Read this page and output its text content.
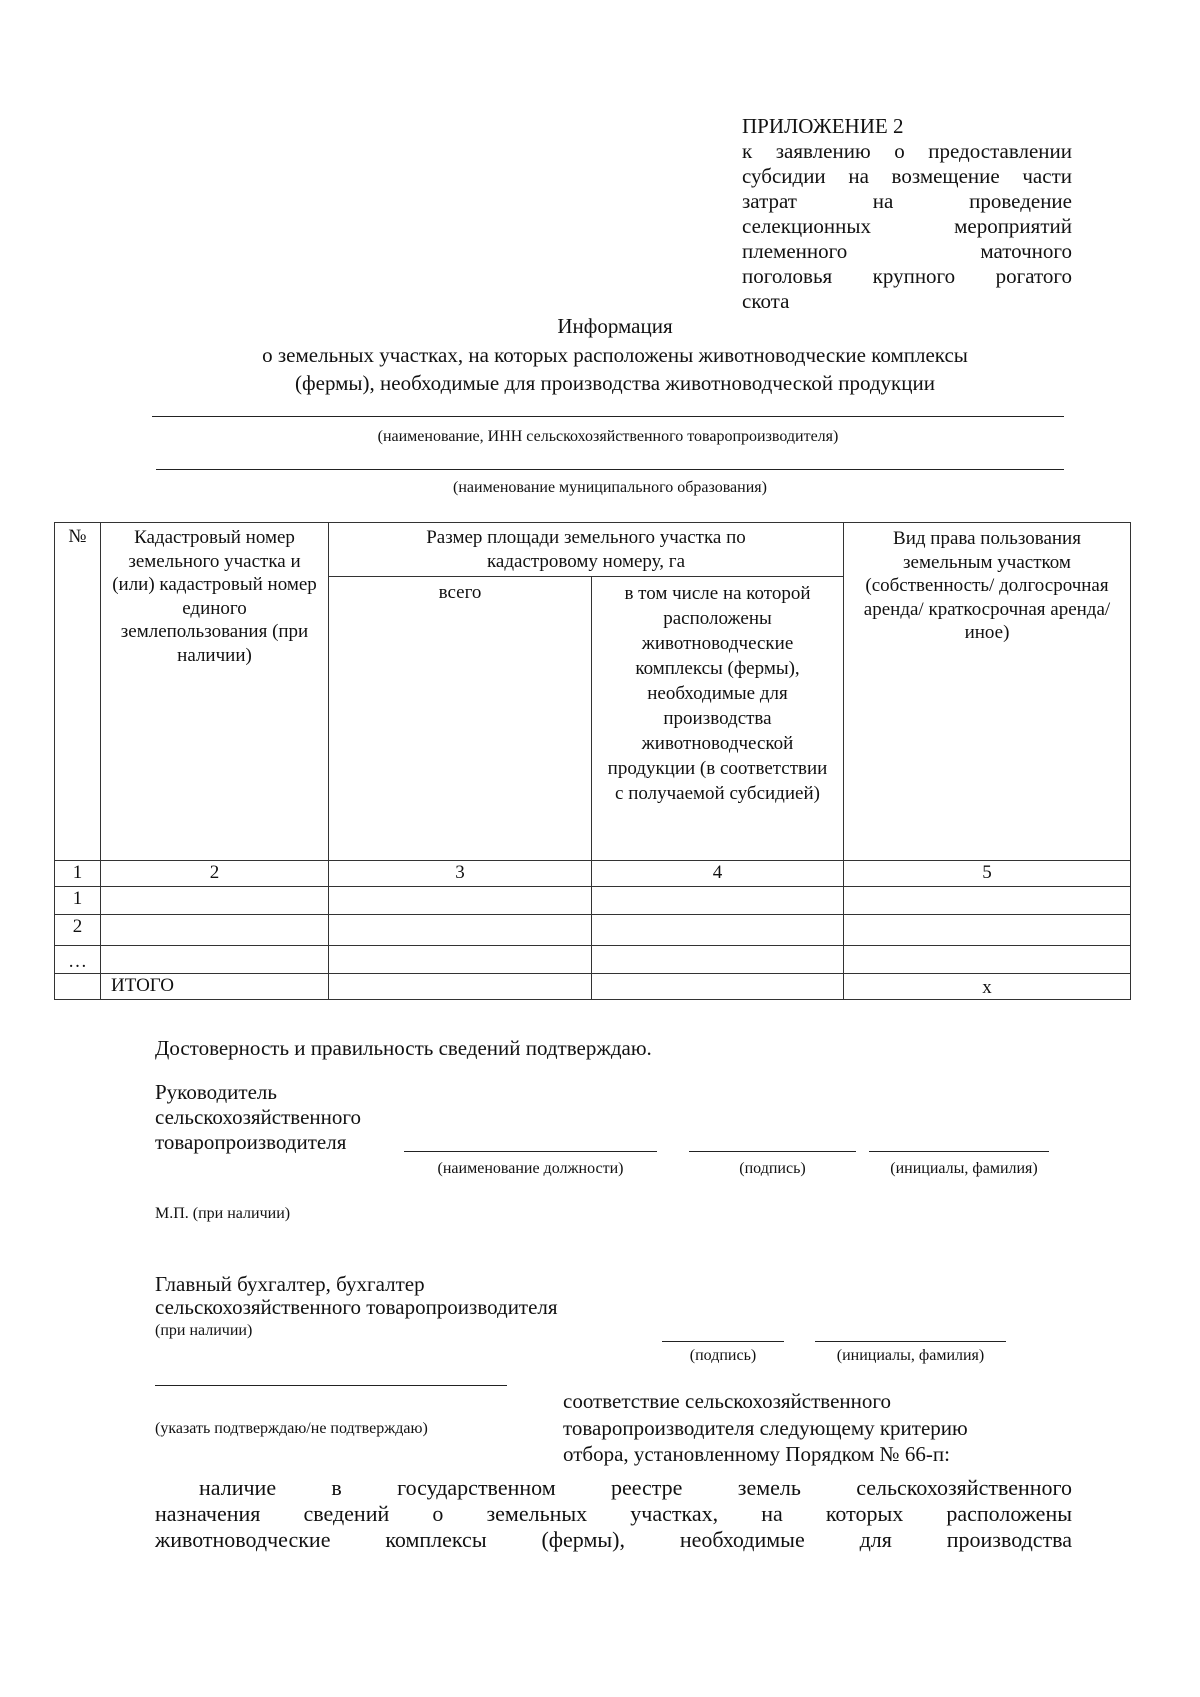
ПРИЛОЖЕНИЕ 2
к заявлению о предоставлении
субсидии на возмещение части
затрат на проведение
селекционных мероприятий
племенного маточного
поголовья крупного рогатого
скота
Информация
о земельных участках, на которых расположены животноводческие комплексы
(фермы), необходимые для производства животноводческой продукции
(наименование, ИНН сельскохозяйственного товаропроизводителя)
(наименование муниципального образования)
№	Кадастровый номер земельного участка и (или) кадастровый номер единого землепользования (при наличии)	Размер площади земельного участка по кадастровому номеру, га		Вид права пользования земельным участком (собственность/ долгосрочная аренда/ краткосрочная аренда/ иное)
		всего	в том числе на которой расположены животноводческие комплексы (фермы), необходимые для производства животноводческой продукции (в соответствии с получаемой субсидией)	
1	2	3	4	5
1				
2				
…				
	ИТОГО			x
Достоверность и правильность сведений подтверждаю.
Руководитель
сельскохозяйственного
товаропроизводителя
(наименование должности)	(подпись)	(инициалы, фамилия)
М.П. (при наличии)
Главный бухгалтер, бухгалтер
сельскохозяйственного товаропроизводителя
(при наличии)
(подпись)	(инициалы, фамилия)
(указать подтверждаю/не подтверждаю)
соответствие сельскохозяйственного
товаропроизводителя следующему критерию
отбора, установленному Порядком № 66-п:
наличие в государственном реестре земель сельскохозяйственного
назначения сведений о земельных участках, на которых расположены
животноводческие комплексы (фермы), необходимые для производства
